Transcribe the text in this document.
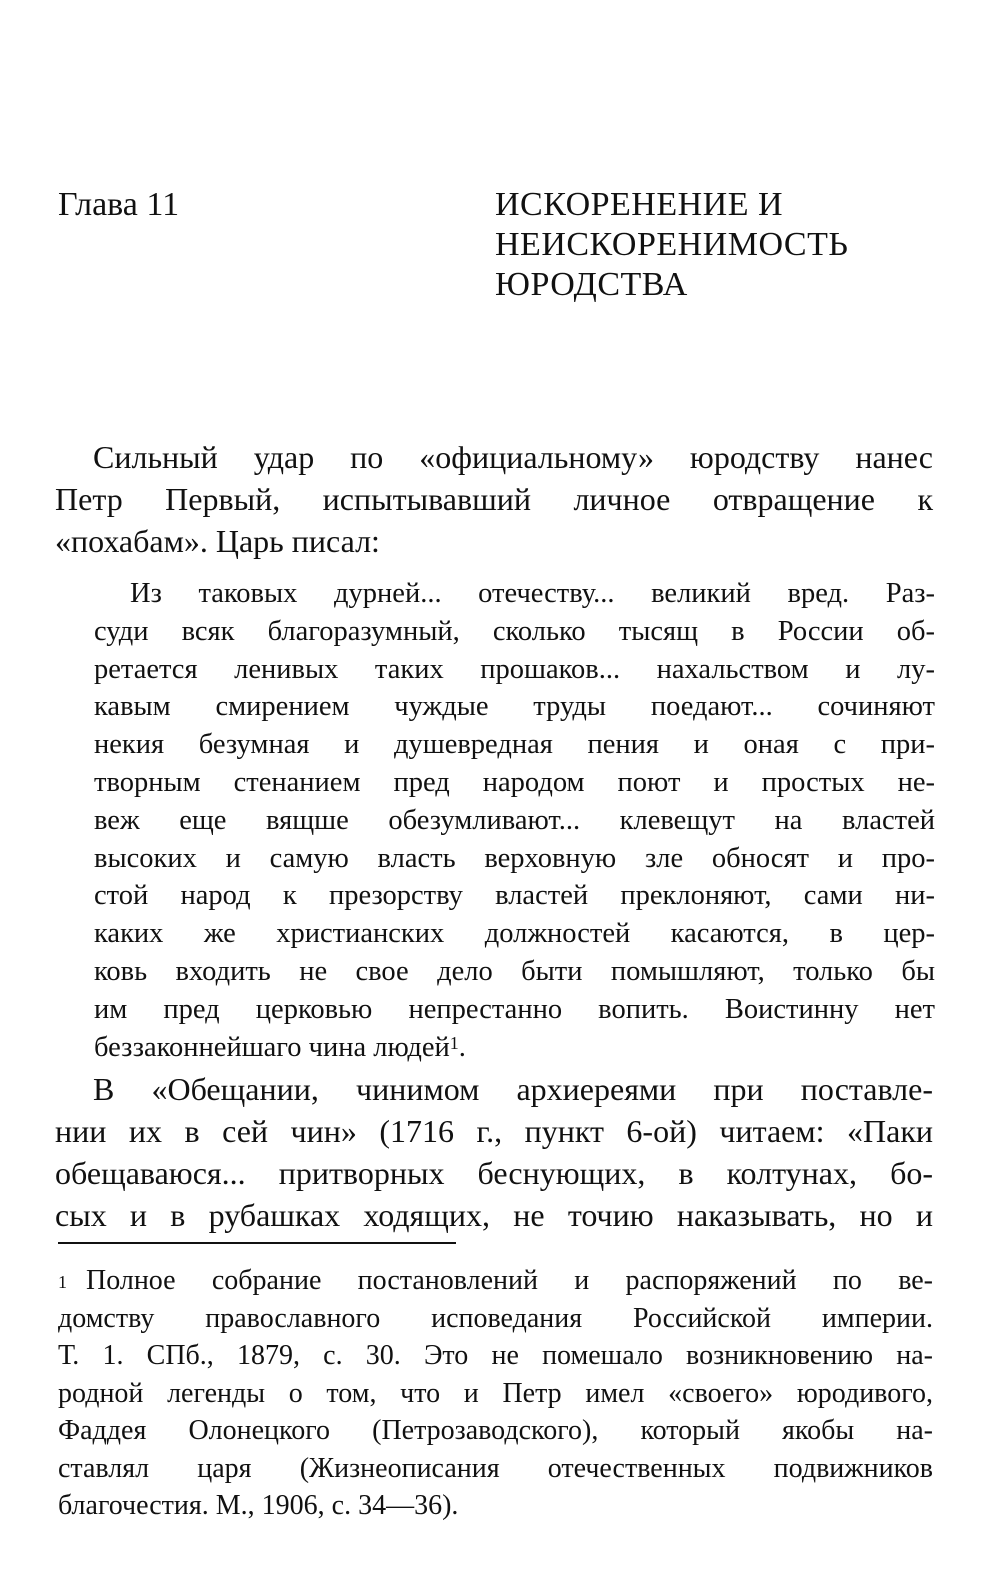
Глава 11	ИСКОРЕНЕНИЕ И
НЕИСКОРЕНИМОСТЬ
ЮРОДСТВА
Сильный удар по «официальному» юродству нанес
Петр Первый, испытывавший личное отвращение к
«похабам». Царь писал:
Из таковых дурней... отечеству... великий вред. Раз-
суди всяк благоразумный, сколько тысящ в России об-
ретается ленивых таких прошаков... нахальством и лу-
кавым смирением чуждые труды поедают... сочиняют
некия безумная и душевредная пения и оная с при-
творным стенанием пред народом поют и простых не-
веж еще вящше обезумливают... клевещут на властей
высоких и самую власть верховную зле обносят и про-
стой народ к презорству властей преклоняют, сами ни-
каких же христианских должностей касаются, в цер-
ковь входить не свое дело быти помышляют, только бы
им пред церковью непрестанно вопить. Воистинну нет
беззаконнейшаго чина людей$^1$.
В «Обещании, чинимом архиереями при поставле-
нии их в сей чин» (1716 г., пункт 6-ой) читаем: «Паки
обещаваюся... притворных беснующих, в колтунах, бо-
сых и в рубашках ходящих, не точию наказывать, но и
1 Полное собрание постановлений и распоряжений по ве-
домству православного исповедания Российской империи.
Т. 1. СПб., 1879, с. 30. Это не помешало возникновению на-
родной легенды о том, что и Петр имел «своего» юродивого,
Фаддея Олонецкого (Петрозаводского), который якобы на-
ставлял царя (Жизнеописания отечественных подвижников
благочестия. М., 1906, с. 34—36).
